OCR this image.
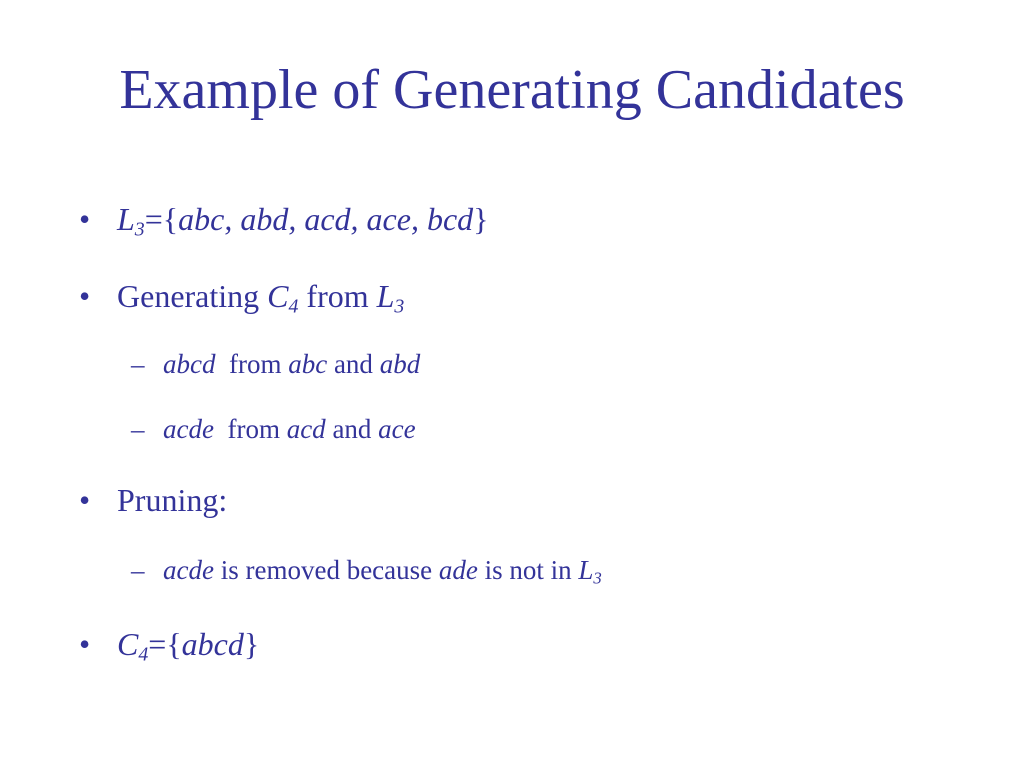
Example of Generating Candidates
• $L_3=\{abc$, abd, acd, ace, bcd}
• Generating $C_4$ from $L_3$
– abcd  from abc and abd
– acde  from acd and ace
• Pruning:
– acde is removed because ade is not in $L_3$
• $C_4=\{abcd\}$
